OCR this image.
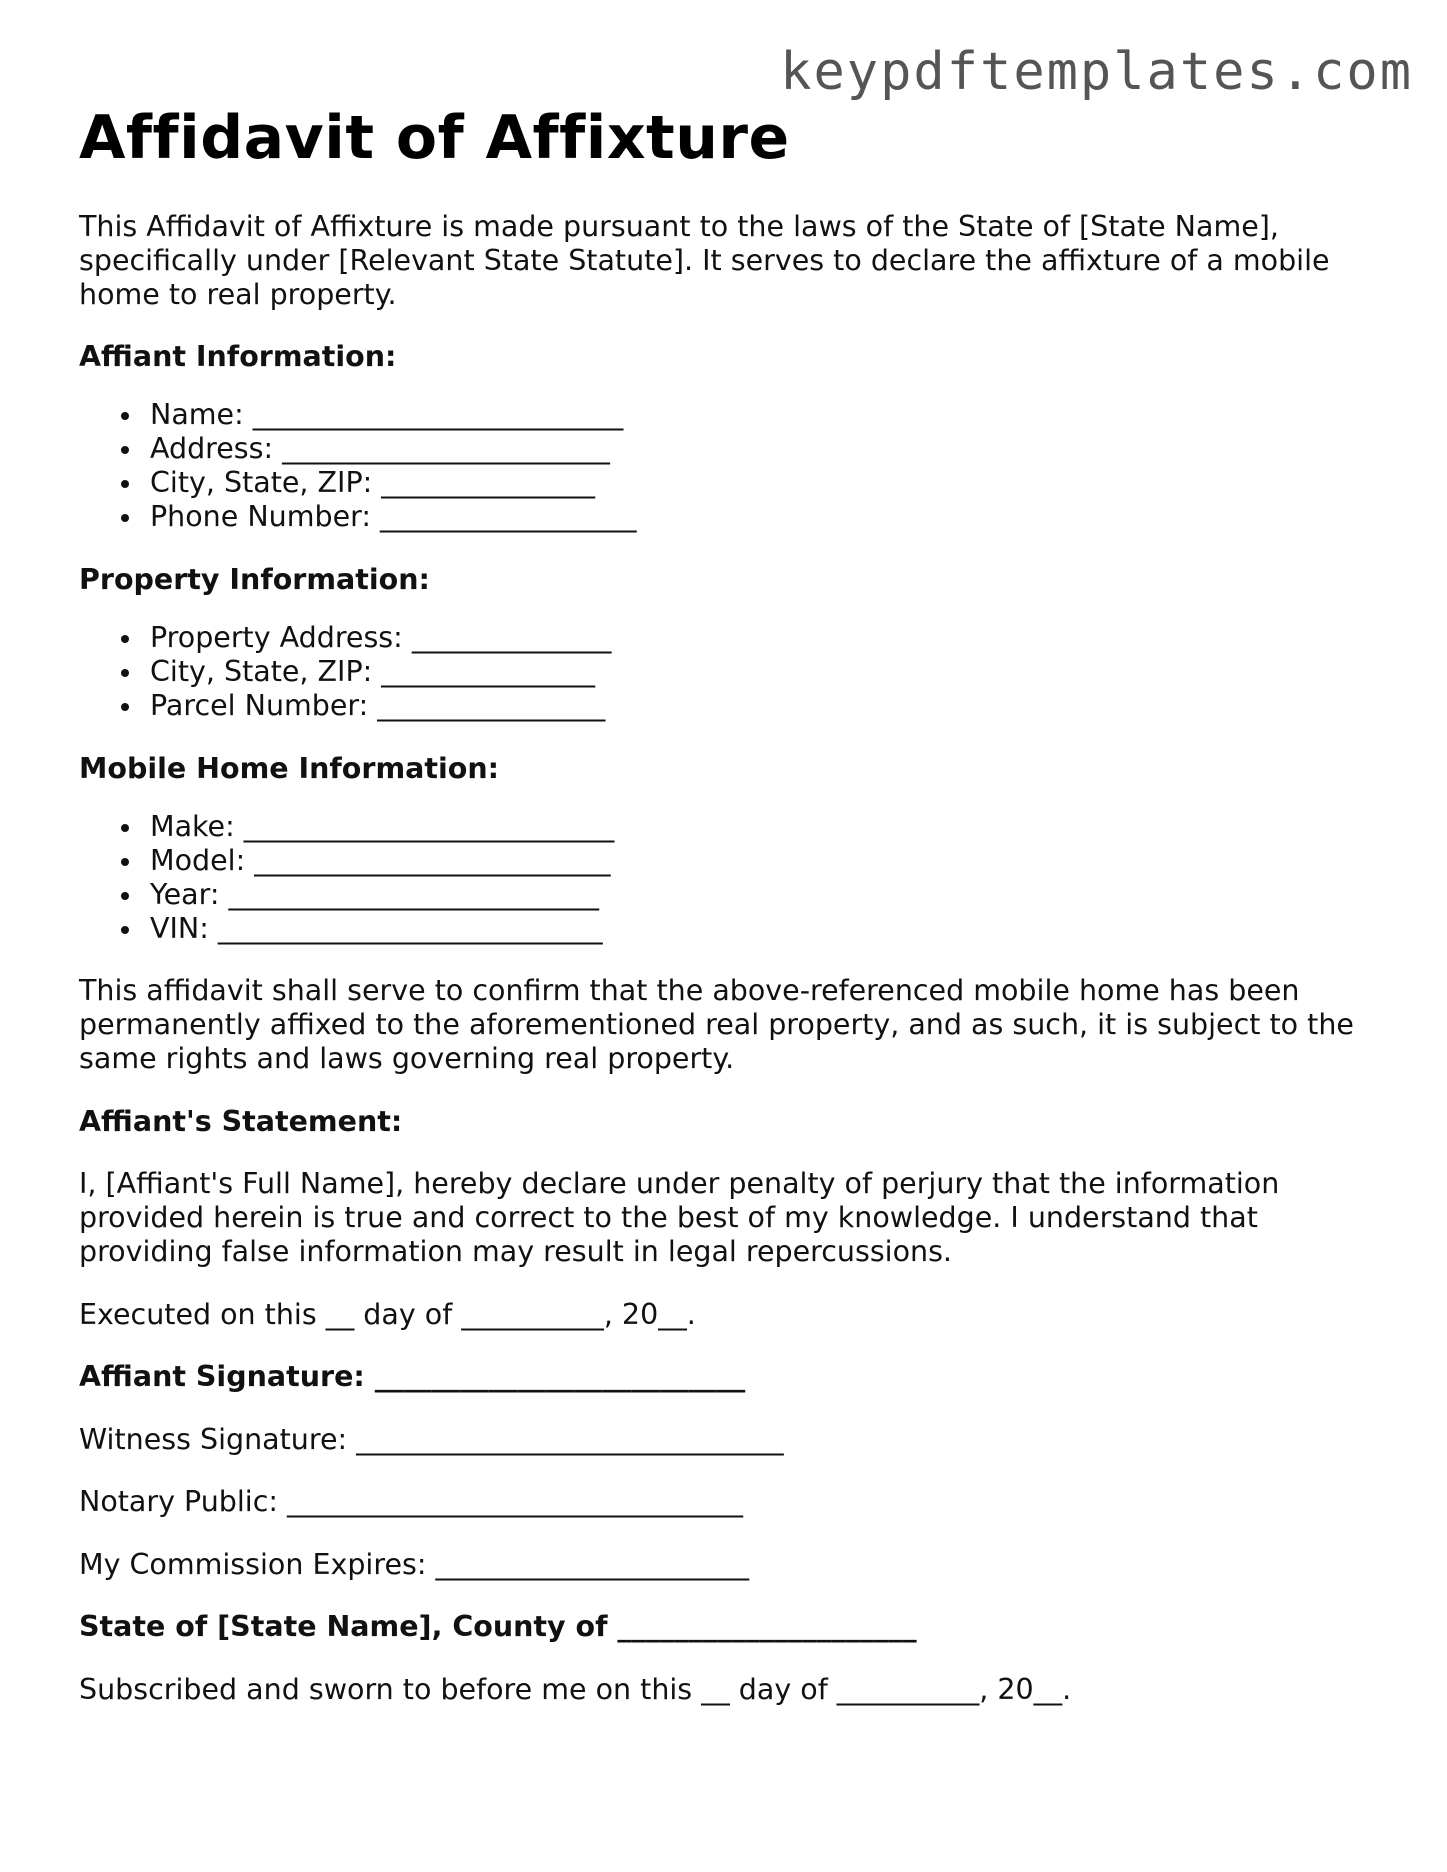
keypdftemplates.com
Affidavit of Affixture

This Affidavit of Affixture is made pursuant to the laws of the State of [State Name], specifically under [Relevant State Statute]. It serves to declare the affixture of a mobile home to real property.

Affiant Information:

Name: __________________________
Address: _______________________
City, State, ZIP: _______________
Phone Number: __________________

Property Information:

Property Address: ______________
City, State, ZIP: _______________
Parcel Number: ________________

Mobile Home Information:

Make: __________________________
Model: _________________________
Year: __________________________
VIN: ___________________________

This affidavit shall serve to confirm that the above-referenced mobile home has been permanently affixed to the aforementioned real property, and as such, it is subject to the same rights and laws governing real property.

Affiant's Statement:

I, [Affiant's Full Name], hereby declare under penalty of perjury that the information provided herein is true and correct to the best of my knowledge. I understand that providing false information may result in legal repercussions.

Executed on this __ day of __________, 20__.

Affiant Signature: __________________________

Witness Signature: ______________________________

Notary Public: ________________________________

My Commission Expires: ______________________

State of [State Name], County of _____________________

Subscribed and sworn to before me on this __ day of __________, 20__.
